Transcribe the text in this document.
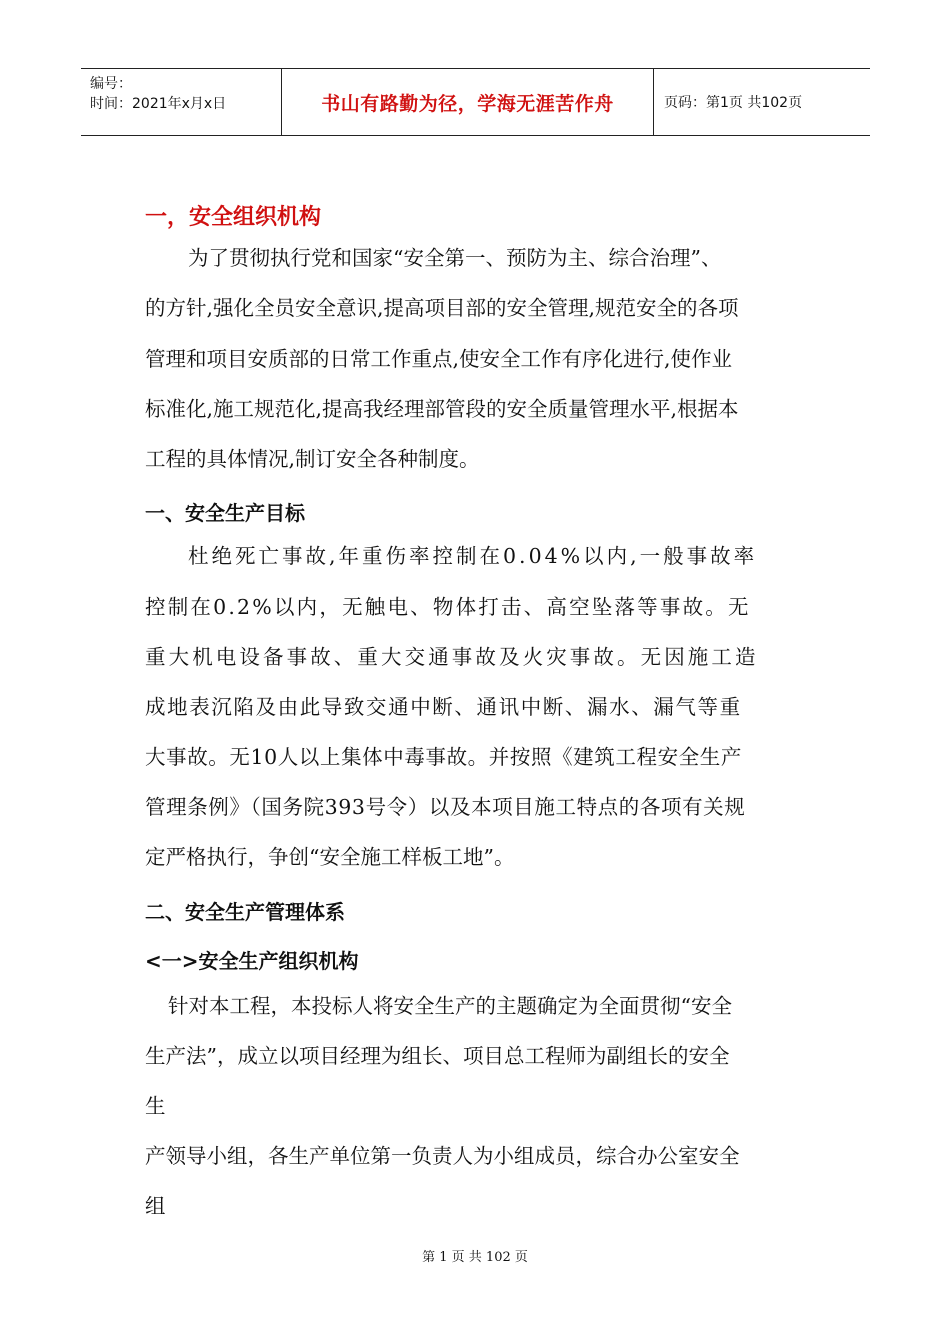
编号：
时间：2021年x月x日	书山有路勤为径，学海无涯苦作舟	页码：第1页 共102页
一，安全组织机构
为了贯彻执行党和国家“安全第一、预防为主、综合治理”、
的方针,强化全员安全意识,提高项目部的安全管理,规范安全的各项
管理和项目安质部的日常工作重点,使安全工作有序化进行,使作业
标准化,施工规范化,提高我经理部管段的安全质量管理水平,根据本
工程的具体情况,制订安全各种制度。
一、安全生产目标
杜绝死亡事故,年重伤率控制在0.04%以内,一般事故率
控制在0.2%以内，无触电、物体打击、高空坠落等事故。无
重大机电设备事故、重大交通事故及火灾事故。无因施工造
成地表沉陷及由此导致交通中断、通讯中断、漏水、漏气等重
大事故。无10人以上集体中毒事故。并按照《建筑工程安全生产
管理条例》（国务院393号令）以及本项目施工特点的各项有关规
定严格执行，争创“安全施工样板工地”。
二、安全生产管理体系
<一>安全生产组织机构
针对本工程，本投标人将安全生产的主题确定为全面贯彻“安全
生产法”，成立以项目经理为组长、项目总工程师为副组长的安全
生
产领导小组，各生产单位第一负责人为小组成员，综合办公室安全
组
第 1 页 共 102 页
